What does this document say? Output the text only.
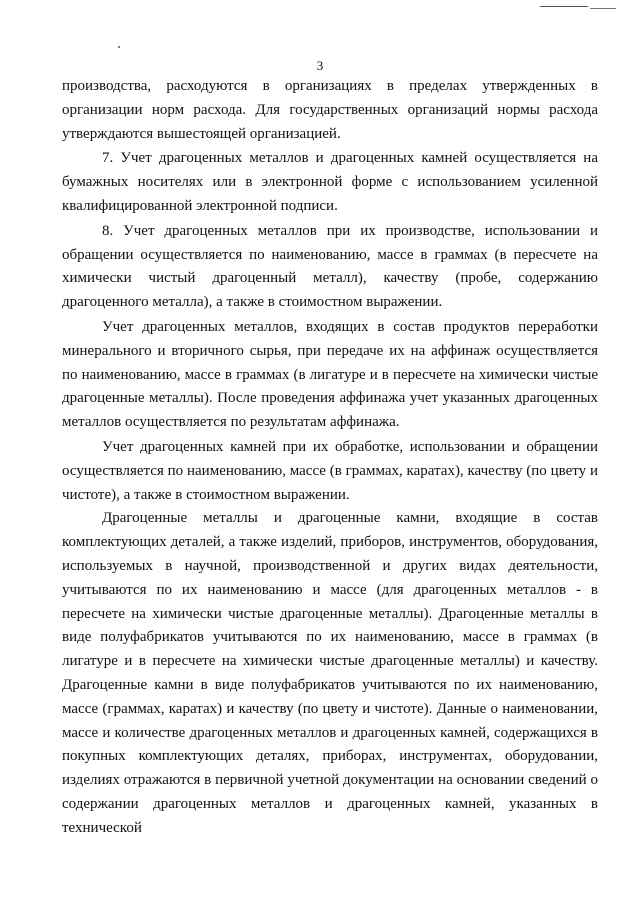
3

производства, расходуются в организациях в пределах утвержденных в организации норм расхода. Для государственных организаций нормы расхода утверждаются вышестоящей организацией.

7. Учет драгоценных металлов и драгоценных камней осуществляется на бумажных носителях или в электронной форме с использованием усиленной квалифицированной электронной подписи.

8. Учет драгоценных металлов при их производстве, использовании и обращении осуществляется по наименованию, массе в граммах (в пересчете на химически чистый драгоценный металл), качеству (пробе, содержанию драгоценного металла), а также в стоимостном выражении.

Учет драгоценных металлов, входящих в состав продуктов переработки минерального и вторичного сырья, при передаче их на аффинаж осуществляется по наименованию, массе в граммах (в лигатуре и в пересчете на химически чистые драгоценные металлы). После проведения аффинажа учет указанных драгоценных металлов осуществляется по результатам аффинажа.

Учет драгоценных камней при их обработке, использовании и обращении осуществляется по наименованию, массе (в граммах, каратах), качеству (по цвету и чистоте), а также в стоимостном выражении.

Драгоценные металлы и драгоценные камни, входящие в состав комплектующих деталей, а также изделий, приборов, инструментов, оборудования, используемых в научной, производственной и других видах деятельности, учитываются по их наименованию и массе (для драгоценных металлов - в пересчете на химически чистые драгоценные металлы). Драгоценные металлы в виде полуфабрикатов учитываются по их наименованию, массе в граммах (в лигатуре и в пересчете на химически чистые драгоценные металлы) и качеству. Драгоценные камни в виде полуфабрикатов учитываются по их наименованию, массе (граммах, каратах) и качеству (по цвету и чистоте). Данные о наименовании, массе и количестве драгоценных металлов и драгоценных камней, содержащихся в покупных комплектующих деталях, приборах, инструментах, оборудовании, изделиях отражаются в первичной учетной документации на основании сведений о содержании драгоценных металлов и драгоценных камней, указанных в технической
